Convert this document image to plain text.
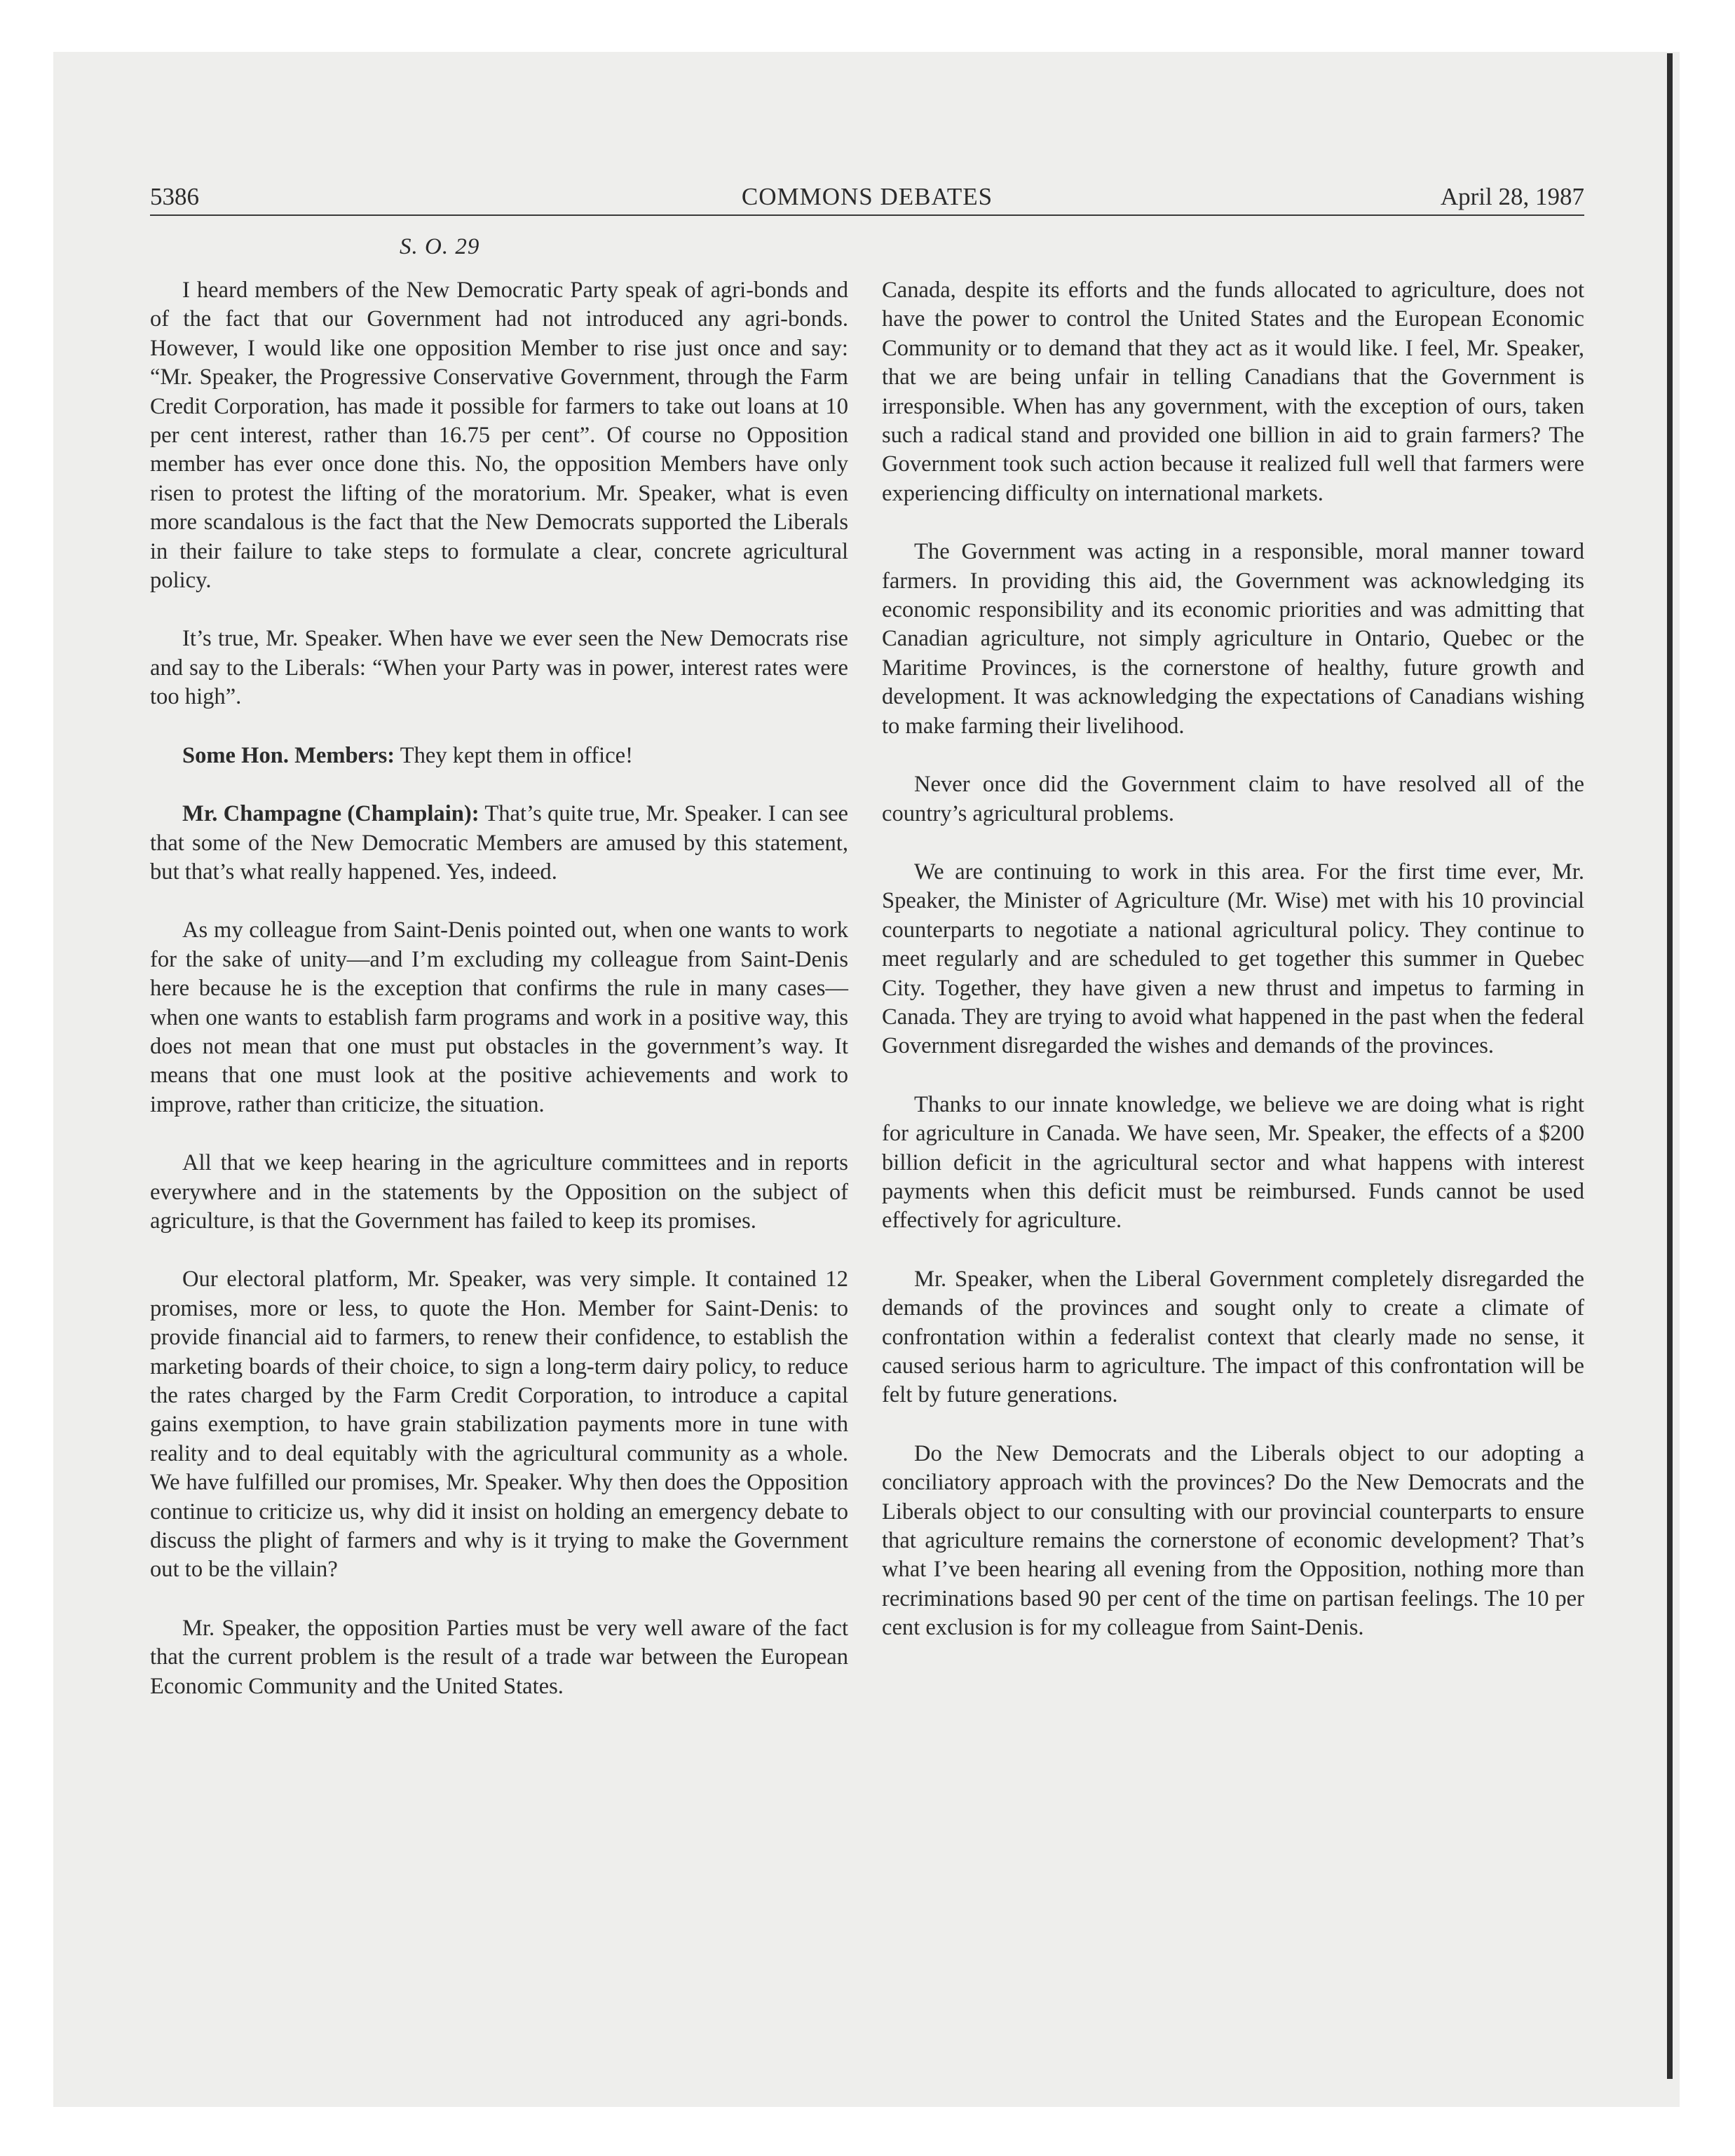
5386	COMMONS DEBATES	April 28, 1987
S. O. 29

I heard members of the New Democratic Party speak of agri-bonds and of the fact that our Government had not introduced any agri-bonds. However, I would like one opposition Member to rise just once and say: “Mr. Speaker, the Progressive Conservative Government, through the Farm Credit Corporation, has made it possible for farmers to take out loans at 10 per cent interest, rather than 16.75 per cent”. Of course no Opposition member has ever once done this. No, the opposition Members have only risen to protest the lifting of the moratorium. Mr. Speaker, what is even more scandalous is the fact that the New Democrats supported the Liberals in their failure to take steps to formulate a clear, concrete agricultural policy.

It’s true, Mr. Speaker. When have we ever seen the New Democrats rise and say to the Liberals: “When your Party was in power, interest rates were too high”.

Some Hon. Members: They kept them in office!

Mr. Champagne (Champlain): That’s quite true, Mr. Speaker. I can see that some of the New Democratic Members are amused by this statement, but that’s what really happened. Yes, indeed.

As my colleague from Saint-Denis pointed out, when one wants to work for the sake of unity—and I’m excluding my colleague from Saint-Denis here because he is the exception that confirms the rule in many cases—when one wants to establish farm programs and work in a positive way, this does not mean that one must put obstacles in the government’s way. It means that one must look at the positive achievements and work to improve, rather than criticize, the situation.

All that we keep hearing in the agriculture committees and in reports everywhere and in the statements by the Opposition on the subject of agriculture, is that the Government has failed to keep its promises.

Our electoral platform, Mr. Speaker, was very simple. It contained 12 promises, more or less, to quote the Hon. Member for Saint-Denis: to provide financial aid to farmers, to renew their confidence, to establish the marketing boards of their choice, to sign a long-term dairy policy, to reduce the rates charged by the Farm Credit Corporation, to introduce a capital gains exemption, to have grain stabilization payments more in tune with reality and to deal equitably with the agricultural community as a whole. We have fulfilled our promises, Mr. Speaker. Why then does the Opposition continue to criticize us, why did it insist on holding an emergency debate to discuss the plight of farmers and why is it trying to make the Government out to be the villain?

Mr. Speaker, the opposition Parties must be very well aware of the fact that the current problem is the result of a trade war between the European Economic Community and the United States.

Canada, despite its efforts and the funds allocated to agriculture, does not have the power to control the United States and the European Economic Community or to demand that they act as it would like. I feel, Mr. Speaker, that we are being unfair in telling Canadians that the Government is irresponsible. When has any government, with the exception of ours, taken such a radical stand and provided one billion in aid to grain farmers? The Government took such action because it realized full well that farmers were experiencing difficulty on international markets.

The Government was acting in a responsible, moral manner toward farmers. In providing this aid, the Government was acknowledging its economic responsibility and its economic priorities and was admitting that Canadian agriculture, not simply agriculture in Ontario, Quebec or the Maritime Provinces, is the cornerstone of healthy, future growth and development. It was acknowledging the expectations of Canadians wishing to make farming their livelihood.

Never once did the Government claim to have resolved all of the country’s agricultural problems.

We are continuing to work in this area. For the first time ever, Mr. Speaker, the Minister of Agriculture (Mr. Wise) met with his 10 provincial counterparts to negotiate a national agricultural policy. They continue to meet regularly and are scheduled to get together this summer in Quebec City. Together, they have given a new thrust and impetus to farming in Canada. They are trying to avoid what happened in the past when the federal Government disregarded the wishes and demands of the provinces.

Thanks to our innate knowledge, we believe we are doing what is right for agriculture in Canada. We have seen, Mr. Speaker, the effects of a $200 billion deficit in the agricultural sector and what happens with interest payments when this deficit must be reimbursed. Funds cannot be used effectively for agriculture.

Mr. Speaker, when the Liberal Government completely disregarded the demands of the provinces and sought only to create a climate of confrontation within a federalist context that clearly made no sense, it caused serious harm to agriculture. The impact of this confrontation will be felt by future generations.

Do the New Democrats and the Liberals object to our adopting a conciliatory approach with the provinces? Do the New Democrats and the Liberals object to our consulting with our provincial counterparts to ensure that agriculture remains the cornerstone of economic development? That’s what I’ve been hearing all evening from the Opposition, nothing more than recriminations based 90 per cent of the time on partisan feelings. The 10 per cent exclusion is for my colleague from Saint-Denis.
